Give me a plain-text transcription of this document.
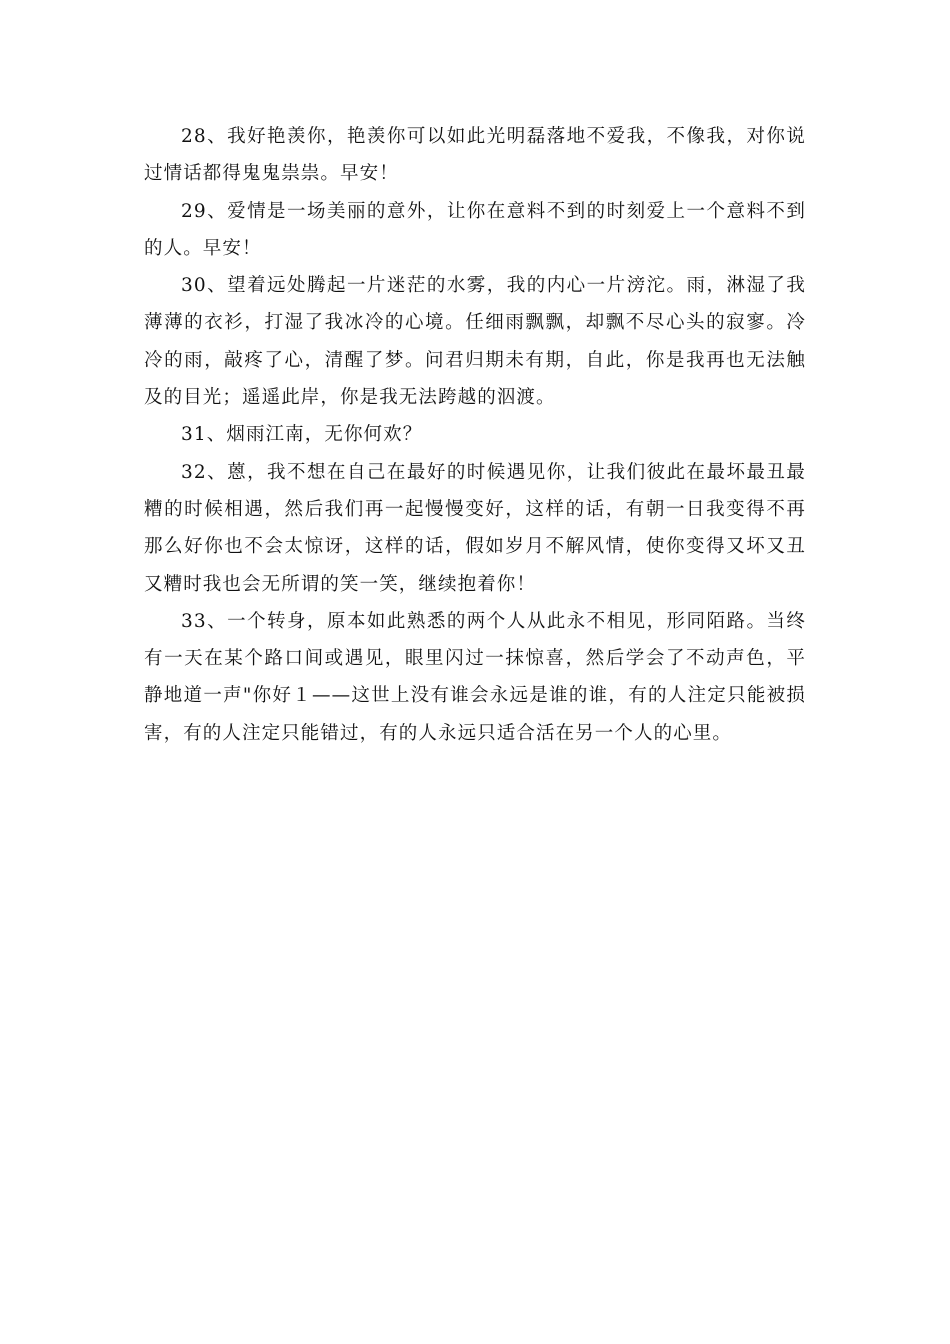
28、我好艳羡你，艳羡你可以如此光明磊落地不爱我，不像我，对你说过情话都得鬼鬼祟祟。早安！

29、爱情是一场美丽的意外，让你在意料不到的时刻爱上一个意料不到的人。早安！

30、望着远处腾起一片迷茫的水雾，我的内心一片滂沱。雨，淋湿了我薄薄的衣衫，打湿了我冰冷的心境。任细雨飘飘，却飘不尽心头的寂寥。冷冷的雨，敲疼了心，清醒了梦。问君归期未有期，自此，你是我再也无法触及的目光；遥遥此岸，你是我无法跨越的泅渡。

31、烟雨江南，无你何欢？

32、蒽，我不想在自己在最好的时候遇见你，让我们彼此在最坏最丑最糟的时候相遇，然后我们再一起慢慢变好，这样的话，有朝一日我变得不再那么好你也不会太惊讶，这样的话，假如岁月不解风情，使你变得又坏又丑又糟时我也会无所谓的笑一笑，继续抱着你！

33、一个转身，原本如此熟悉的两个人从此永不相见，形同陌路。当终有一天在某个路口间或遇见，眼里闪过一抹惊喜，然后学会了不动声色，平静地道一声"你好１——这世上没有谁会永远是谁的谁，有的人注定只能被损害，有的人注定只能错过，有的人永远只适合活在另一个人的心里。
